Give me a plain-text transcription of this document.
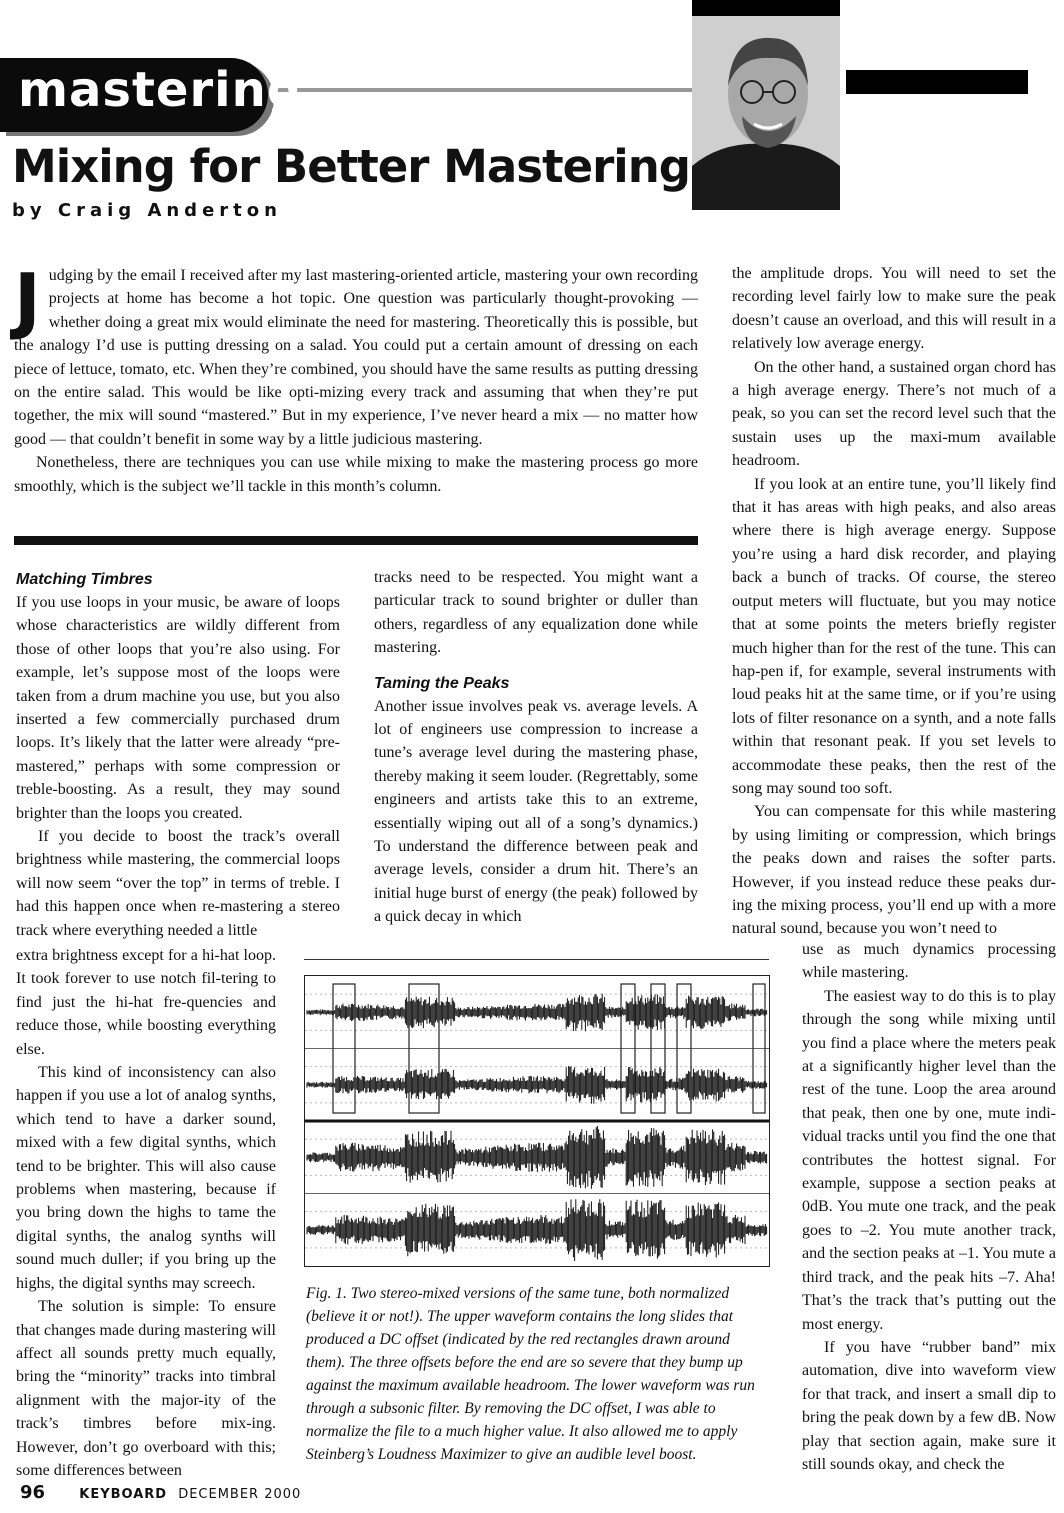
mastering
Mixing for Better Mastering
by Craig Anderton

Judging by the email I received after my last mastering-oriented article, mastering your own recording projects at home has become a hot topic. One question was particularly thought-provoking — whether doing a great mix would eliminate the need for mastering. Theoretically this is possible, but the analogy I’d use is putting dressing on a salad. You could put a certain amount of dressing on each piece of lettuce, tomato, etc. When they’re combined, you should have the same results as putting dressing on the entire salad. This would be like opti-mizing every track and assuming that when they’re put together, the mix will sound “mastered.” But in my experience, I’ve never heard a mix — no matter how good — that couldn’t benefit in some way by a little judicious mastering.

Nonetheless, there are techniques you can use while mixing to make the mastering process go more smoothly, which is the subject we’ll tackle in this month’s column.

Matching Timbres

If you use loops in your music, be aware of loops whose characteristics are wildly different from those of other loops that you’re also using. For example, let’s suppose most of the loops were taken from a drum machine you use, but you also inserted a few commercially purchased drum loops. It’s likely that the latter were already “pre-mastered,” perhaps with some compression or treble-boosting. As a result, they may sound brighter than the loops you created.

If you decide to boost the track’s overall brightness while mastering, the commercial loops will now seem “over the top” in terms of treble. I had this happen once when re-mastering a stereo track where everything needed a little

extra brightness except for a hi-hat loop. It took forever to use notch fil-tering to find just the hi-hat fre-quencies and reduce those, while boosting everything else.

This kind of inconsistency can also happen if you use a lot of analog synths, which tend to have a darker sound, mixed with a few digital synths, which tend to be brighter. This will also cause problems when mastering, because if you bring down the highs to tame the digital synths, the analog synths will sound much duller; if you bring up the highs, the digital synths may screech.

The solution is simple: To ensure that changes made during mastering will affect all sounds pretty much equally, bring the “minority” tracks into timbral alignment with the major-ity of the track’s timbres before mix-ing. However, don’t go overboard with this; some differences between

tracks need to be respected. You might want a particular track to sound brighter or duller than others, regardless of any equalization done while mastering.

Taming the Peaks

Another issue involves peak vs. average levels. A lot of engineers use compression to increase a tune’s average level during the mastering phase, thereby making it seem louder. (Regrettably, some engineers and artists take this to an extreme, essentially wiping out all of a song’s dynamics.) To understand the difference between peak and average levels, consider a drum hit. There’s an initial huge burst of energy (the peak) followed by a quick decay in which

the amplitude drops. You will need to set the recording level fairly low to make sure the peak doesn’t cause an overload, and this will result in a relatively low average energy.

On the other hand, a sustained organ chord has a high average energy. There’s not much of a peak, so you can set the record level such that the sustain uses up the maxi-mum available headroom.

If you look at an entire tune, you’ll likely find that it has areas with high peaks, and also areas where there is high average energy. Suppose you’re using a hard disk recorder, and playing back a bunch of tracks. Of course, the stereo output meters will fluctuate, but you may notice that at some points the meters briefly register much higher than for the rest of the tune. This can hap-pen if, for example, several instruments with loud peaks hit at the same time, or if you’re using lots of filter resonance on a synth, and a note falls within that resonant peak. If you set levels to accommodate these peaks, then the rest of the song may sound too soft.

You can compensate for this while mastering by using limiting or compression, which brings the peaks down and raises the softer parts. However, if you instead reduce these peaks dur-ing the mixing process, you’ll end up with a more natural sound, because you won’t need to

use as much dynamics processing while mastering.

The easiest way to do this is to play through the song while mixing until you find a place where the meters peak at a significantly higher level than the rest of the tune. Loop the area around that peak, then one by one, mute indi-vidual tracks until you find the one that contributes the hottest signal. For example, suppose a section peaks at 0dB. You mute one track, and the peak goes to –2. You mute another track, and the section peaks at –1. You mute a third track, and the peak hits –7. Aha! That’s the track that’s putting out the most energy.

If you have “rubber band” mix automation, dive into waveform view for that track, and insert a small dip to bring the peak down by a few dB. Now play that section again, make sure it still sounds okay, and check the

Fig. 1. Two stereo-mixed versions of the same tune, both normalized (believe it or not!). The upper waveform contains the long slides that produced a DC offset (indicated by the red rectangles drawn around them). The three offsets before the end are so severe that they bump up against the maximum available headroom. The lower waveform was run through a subsonic filter. By removing the DC offset, I was able to normalize the file to a much higher value. It also allowed me to apply Steinberg’s Loudness Maximizer to give an audible level boost.
96	KEYBOARD DECEMBER 2000
